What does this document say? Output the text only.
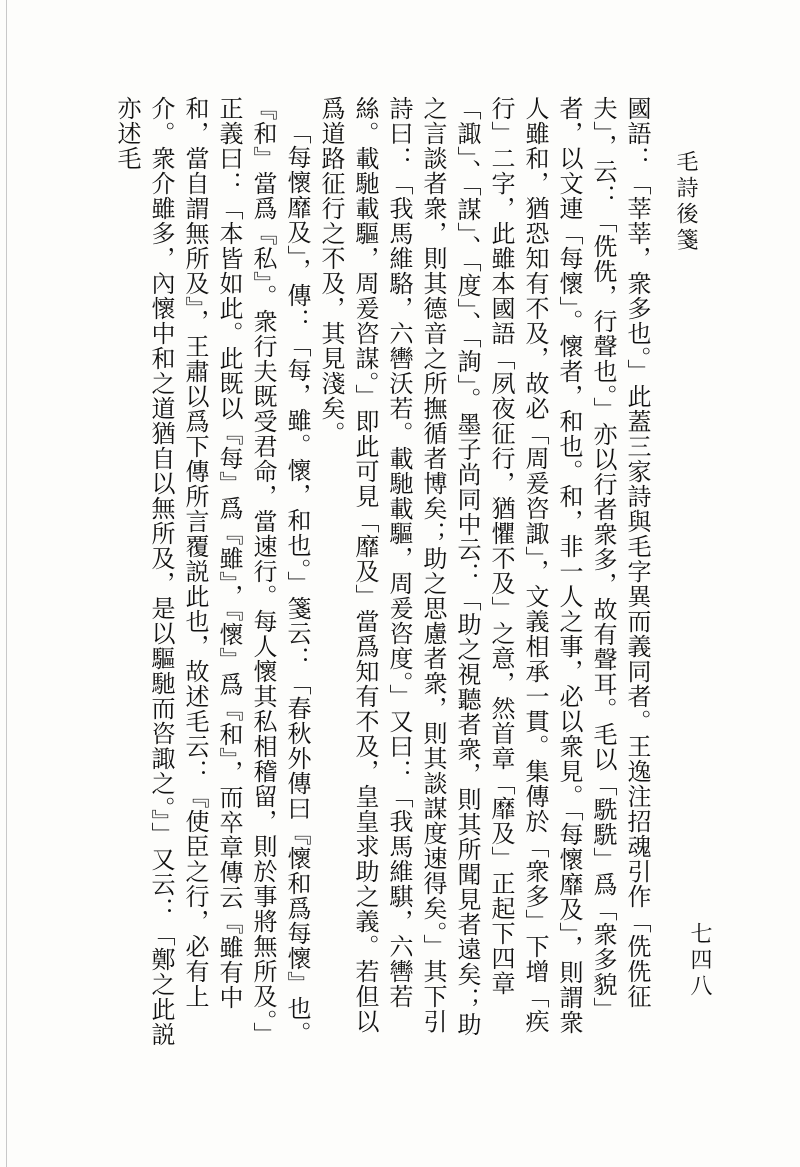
毛詩後箋

國語：「莘莘，衆多也。」此蓋三家詩與毛字異而義同者。王逸注招魂引作「侁侁征夫」，云：「侁侁，行聲也。」亦以行者衆多，故有聲耳。毛以「駪駪」爲「衆多貌」者，以文連「每懷」。懷者，和也。和，非一人之事，必以衆見。「每懷靡及」，則謂衆人雖和，猶恐知有不及，故必「周爰咨諏」，文義相承一貫。集傳於「衆多」下增「疾行」二字，此雖本國語「夙夜征行，猶懼不及」之意，然首章「靡及」正起下四章「諏」、「謀」、「度」、「詢」。墨子尚同中云：「助之視聽者衆，則其所聞見者遠矣；助之言談者衆，則其德音之所撫循者博矣；助之思慮者衆，則其談謀度速得矣。」其下引詩曰：「我馬維駱，六轡沃若。載馳載驅，周爰咨度。」又曰：「我馬維騏，六轡若絲。載馳載驅，周爰咨謀。」即此可見「靡及」當爲知有不及，皇皇求助之義。若但以爲道路征行之不及，其見淺矣。

「每懷靡及」，傳：「每，雖。懷，和也。」箋云：「春秋外傳曰『懷和爲每懷』也。『和』當爲『私』。衆行夫既受君命，當速行。每人懷其私相稽留，則於事將無所及。」正義曰：「本皆如此。此既以『每』爲『雖』，『懷』爲『和』，而卒章傳云『雖有中和，當自謂無所及』，王肅以爲下傳所言覆説此也，故述毛云：『使臣之行，必有上介。衆介雖多，內懷中和之道猶自以無所及，是以驅馳而咨諏之。』」又云：「鄭之此説亦述毛

七四八
